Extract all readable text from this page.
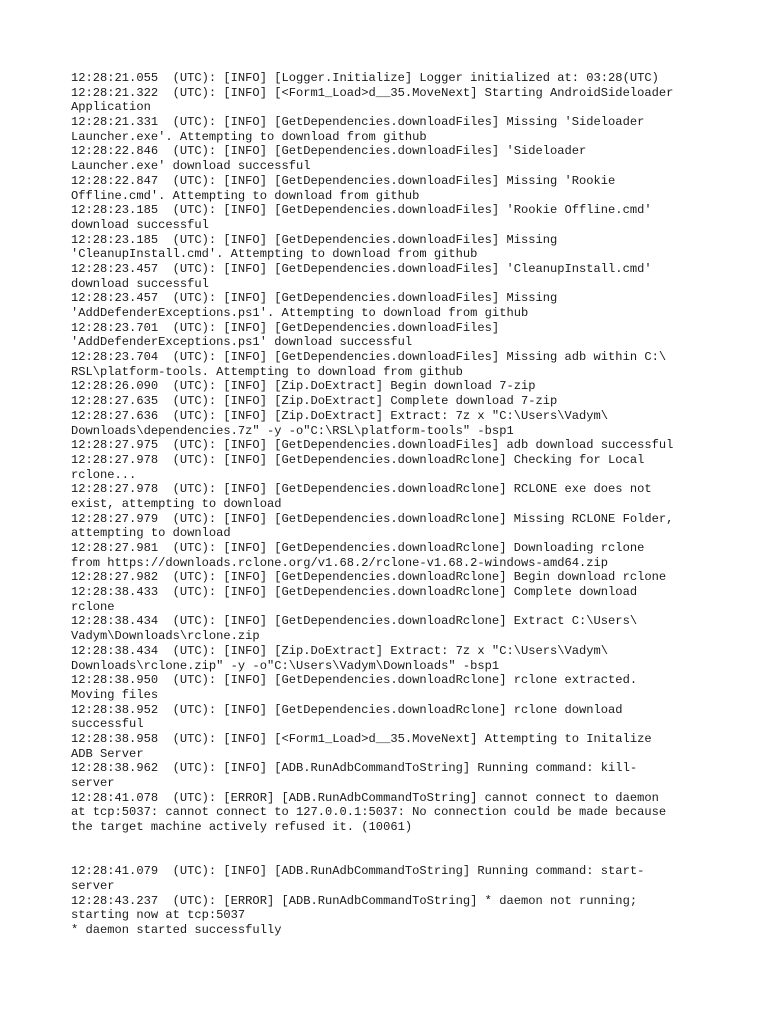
12:28:21.055  (UTC): [INFO] [Logger.Initialize] Logger initialized at: 03:28(UTC)
12:28:21.322  (UTC): [INFO] [<Form1_Load>d__35.MoveNext] Starting AndroidSideloader
Application
12:28:21.331  (UTC): [INFO] [GetDependencies.downloadFiles] Missing 'Sideloader
Launcher.exe'. Attempting to download from github
12:28:22.846  (UTC): [INFO] [GetDependencies.downloadFiles] 'Sideloader
Launcher.exe' download successful
12:28:22.847  (UTC): [INFO] [GetDependencies.downloadFiles] Missing 'Rookie
Offline.cmd'. Attempting to download from github
12:28:23.185  (UTC): [INFO] [GetDependencies.downloadFiles] 'Rookie Offline.cmd'
download successful
12:28:23.185  (UTC): [INFO] [GetDependencies.downloadFiles] Missing
'CleanupInstall.cmd'. Attempting to download from github
12:28:23.457  (UTC): [INFO] [GetDependencies.downloadFiles] 'CleanupInstall.cmd'
download successful
12:28:23.457  (UTC): [INFO] [GetDependencies.downloadFiles] Missing
'AddDefenderExceptions.ps1'. Attempting to download from github
12:28:23.701  (UTC): [INFO] [GetDependencies.downloadFiles]
'AddDefenderExceptions.ps1' download successful
12:28:23.704  (UTC): [INFO] [GetDependencies.downloadFiles] Missing adb within C:\
RSL\platform-tools. Attempting to download from github
12:28:26.090  (UTC): [INFO] [Zip.DoExtract] Begin download 7-zip
12:28:27.635  (UTC): [INFO] [Zip.DoExtract] Complete download 7-zip
12:28:27.636  (UTC): [INFO] [Zip.DoExtract] Extract: 7z x "C:\Users\Vadym\
Downloads\dependencies.7z" -y -o"C:\RSL\platform-tools" -bsp1
12:28:27.975  (UTC): [INFO] [GetDependencies.downloadFiles] adb download successful
12:28:27.978  (UTC): [INFO] [GetDependencies.downloadRclone] Checking for Local
rclone...
12:28:27.978  (UTC): [INFO] [GetDependencies.downloadRclone] RCLONE exe does not
exist, attempting to download
12:28:27.979  (UTC): [INFO] [GetDependencies.downloadRclone] Missing RCLONE Folder,
attempting to download
12:28:27.981  (UTC): [INFO] [GetDependencies.downloadRclone] Downloading rclone
from https://downloads.rclone.org/v1.68.2/rclone-v1.68.2-windows-amd64.zip
12:28:27.982  (UTC): [INFO] [GetDependencies.downloadRclone] Begin download rclone
12:28:38.433  (UTC): [INFO] [GetDependencies.downloadRclone] Complete download
rclone
12:28:38.434  (UTC): [INFO] [GetDependencies.downloadRclone] Extract C:\Users\
Vadym\Downloads\rclone.zip
12:28:38.434  (UTC): [INFO] [Zip.DoExtract] Extract: 7z x "C:\Users\Vadym\
Downloads\rclone.zip" -y -o"C:\Users\Vadym\Downloads" -bsp1
12:28:38.950  (UTC): [INFO] [GetDependencies.downloadRclone] rclone extracted.
Moving files
12:28:38.952  (UTC): [INFO] [GetDependencies.downloadRclone] rclone download
successful
12:28:38.958  (UTC): [INFO] [<Form1_Load>d__35.MoveNext] Attempting to Initalize
ADB Server
12:28:38.962  (UTC): [INFO] [ADB.RunAdbCommandToString] Running command: kill-
server
12:28:41.078  (UTC): [ERROR] [ADB.RunAdbCommandToString] cannot connect to daemon
at tcp:5037: cannot connect to 127.0.0.1:5037: No connection could be made because
the target machine actively refused it. (10061)
12:28:41.079  (UTC): [INFO] [ADB.RunAdbCommandToString] Running command: start-
server
12:28:43.237  (UTC): [ERROR] [ADB.RunAdbCommandToString] * daemon not running;
starting now at tcp:5037
* daemon started successfully
